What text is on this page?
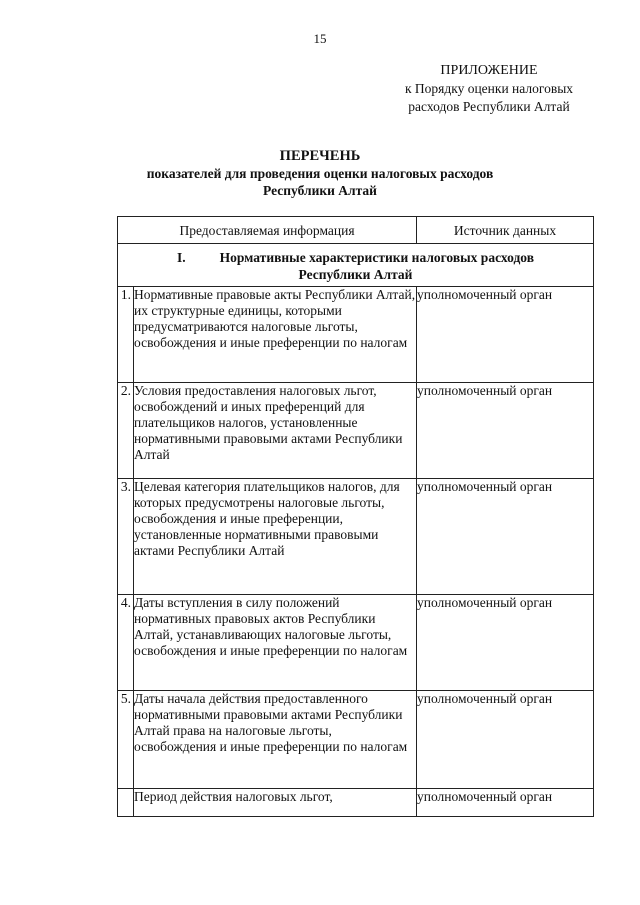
15
ПРИЛОЖЕНИЕ
к Порядку оценки налоговых
расходов Республики Алтай
ПЕРЕЧЕНЬ
показателей для проведения оценки налоговых расходов
Республики Алтай
Предоставляемая информация		Источник данных
I. Нормативные характеристики налоговых расходов
Республики Алтай		

1.	Нормативные правовые акты Республики Алтай, их структурные единицы, которыми предусматриваются налоговые льготы, освобождения и иные преференции по налогам	уполномоченный орган

2.	Условия предоставления налоговых льгот, освобождений и иных преференций для плательщиков налогов, установленные нормативными правовыми актами Республики Алтай	уполномоченный орган

3.	Целевая категория плательщиков налогов, для которых предусмотрены налоговые льготы, освобождения и иные преференции, установленные нормативными правовыми актами Республики Алтай	уполномоченный орган

4.	Даты вступления в силу положений нормативных правовых актов Республики Алтай, устанавливающих налоговые льготы, освобождения и иные преференции по налогам	уполномоченный орган

5.	Даты начала действия предоставленного нормативными правовыми актами Республики Алтай права на налоговые льготы, освобождения и иные преференции по налогам	уполномоченный орган

	Период действия налоговых льгот,	уполномоченный орган
